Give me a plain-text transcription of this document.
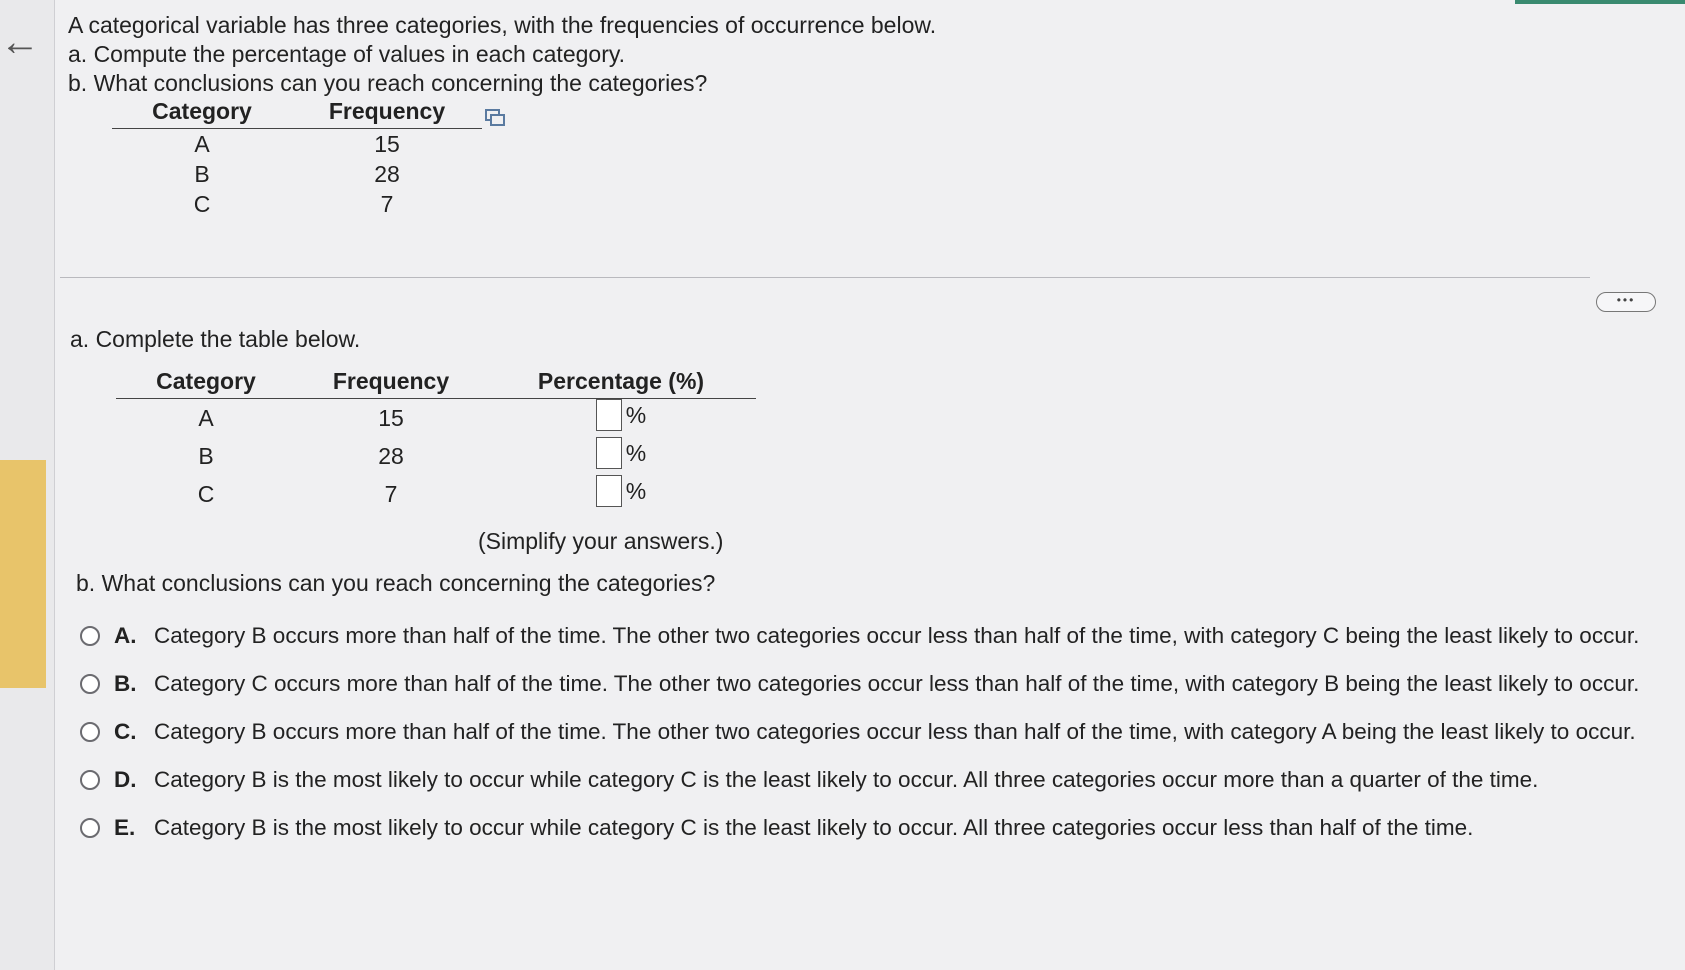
← A categorical variable has three categories, with the frequencies of occurrence below.
a. Compute the percentage of values in each category.
b. What conclusions can you reach concerning the categories?
Category	Frequency
A	15
B	28
C	7
•••
a. Complete the table below.
Category	Frequency	Percentage (%)
A	15	%

B	28	%

C	7	%
(Simplify your answers.)
b. What conclusions can you reach concerning the categories?
A. Category B occurs more than half of the time. The other two categories occur less than half of the time, with category C being the least likely to occur.
B. Category C occurs more than half of the time. The other two categories occur less than half of the time, with category B being the least likely to occur.
C. Category B occurs more than half of the time. The other two categories occur less than half of the time, with category A being the least likely to occur.
D. Category B is the most likely to occur while category C is the least likely to occur. All three categories occur more than a quarter of the time.
E. Category B is the most likely to occur while category C is the least likely to occur. All three categories occur less than half of the time.
